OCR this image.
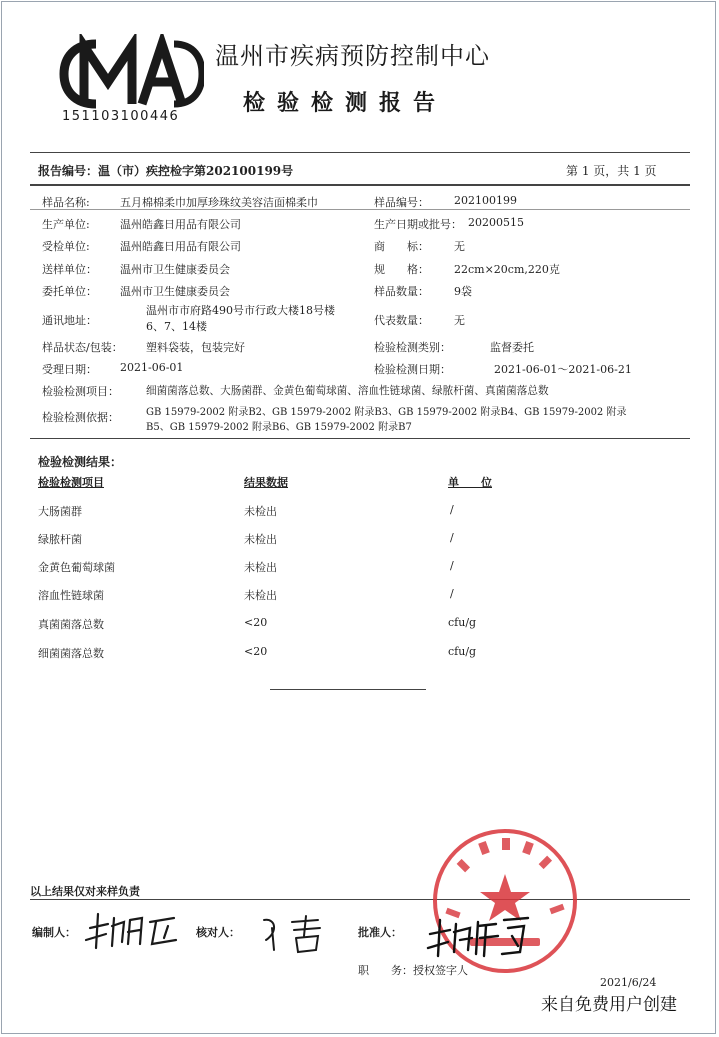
151103100446
温州市疾病预防控制中心
检验检测报告
报告编号：温（市）疾控检字第202100199号	第 1 页，共 1 页
样品名称:	五月棉棉柔巾加厚珍珠纹美容洁面棉柔巾	样品编号： 202100199
生产单位:	温州皓鑫日用品有限公司	生产日期或批号： 20200515
受检单位:	温州皓鑫日用品有限公司	商　　标： 无
送样单位： 温州市卫生健康委员会	规　　格： 22cm×20cm,220克
委托单位： 温州市卫生健康委员会	样品数量： 9袋
通讯地址：
温州市市府路490号市行政大楼18号楼
6、7、14楼	代表数量： 无
样品状态/包装： 塑料袋装，包装完好	检验检测类别：	监督委托
受理日期： 2021-06-01	检验检测日期：	2021-06-01～2021-06-21
检验检测项目：	细菌菌落总数、大肠菌群、金黄色葡萄球菌、溶血性链球菌、绿脓杆菌、真菌菌落总数
检验检测依据：	GB 15979-2002 附录B2、GB 15979-2002 附录B3、GB 15979-2002 附录B4、GB 15979-2002 附录
B5、GB 15979-2002 附录B6、GB 15979-2002 附录B7
检验检测结果：
检验检测项目	结果数据	单　　位
大肠菌群	未检出	/
绿脓杆菌	未检出	/
金黄色葡萄球菌	未检出	/
溶血性链球菌	未检出	/
真菌菌落总数	<20	cfu/g
细菌菌落总数	<20	cfu/g
以上结果仅对来样负责
编制人：	核对人：	批准人：
职　　务：授权签字人
2021/6/24
来自免费用户创建
